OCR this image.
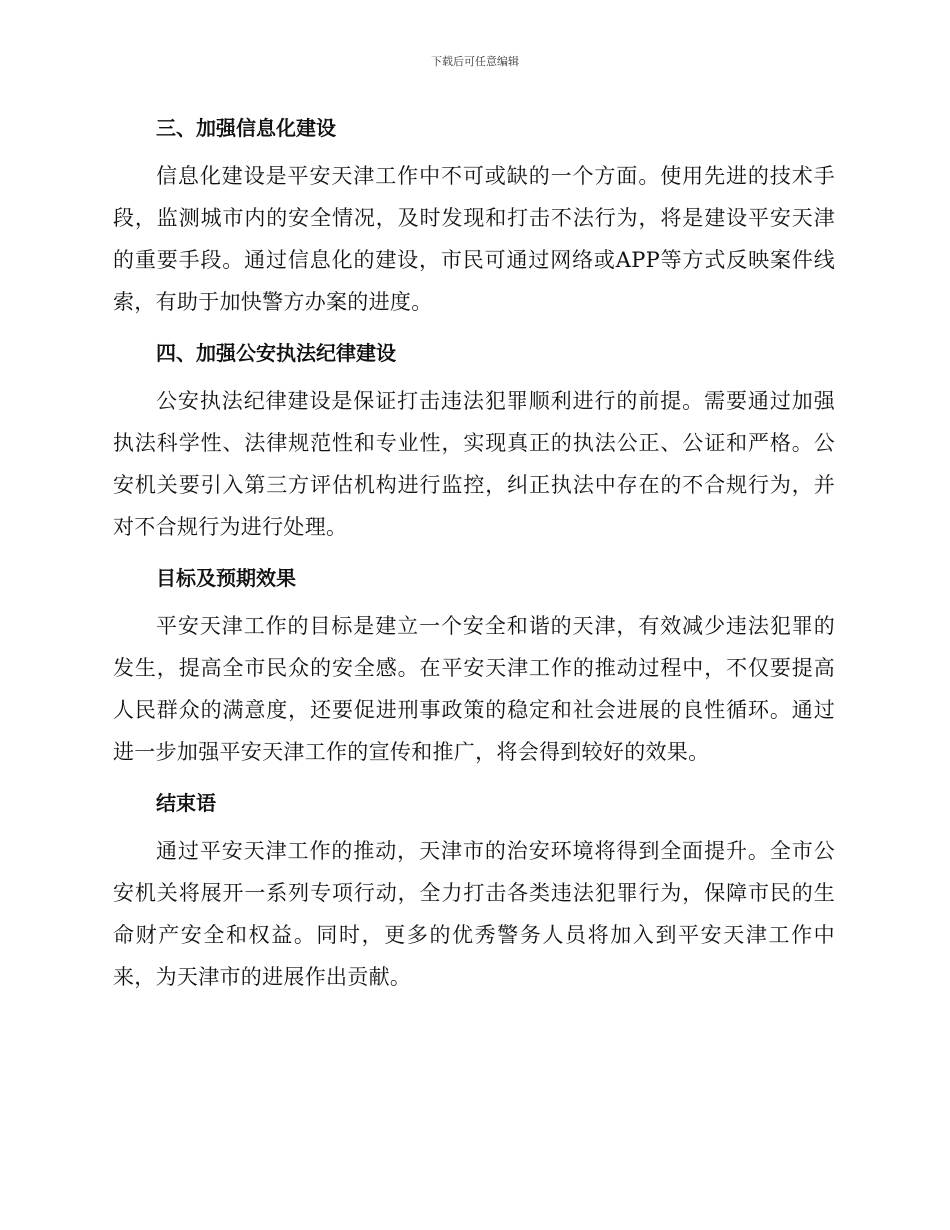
下载后可任意编辑
三、加强信息化建设

信息化建设是平安天津工作中不可或缺的一个方面。使用先进的技术手段，监测城市内的安全情况，及时发现和打击不法行为，将是建设平安天津的重要手段。通过信息化的建设，市民可通过网络或APP等方式反映案件线索，有助于加快警方办案的进度。

四、加强公安执法纪律建设

公安执法纪律建设是保证打击违法犯罪顺利进行的前提。需要通过加强执法科学性、法律规范性和专业性，实现真正的执法公正、公证和严格。公安机关要引入第三方评估机构进行监控，纠正执法中存在的不合规行为，并对不合规行为进行处理。

目标及预期效果

平安天津工作的目标是建立一个安全和谐的天津，有效减少违法犯罪的发生，提高全市民众的安全感。在平安天津工作的推动过程中，不仅要提高人民群众的满意度，还要促进刑事政策的稳定和社会进展的良性循环。通过进一步加强平安天津工作的宣传和推广，将会得到较好的效果。

结束语

通过平安天津工作的推动，天津市的治安环境将得到全面提升。全市公安机关将展开一系列专项行动，全力打击各类违法犯罪行为，保障市民的生命财产安全和权益。同时，更多的优秀警务人员将加入到平安天津工作中来，为天津市的进展作出贡献。
